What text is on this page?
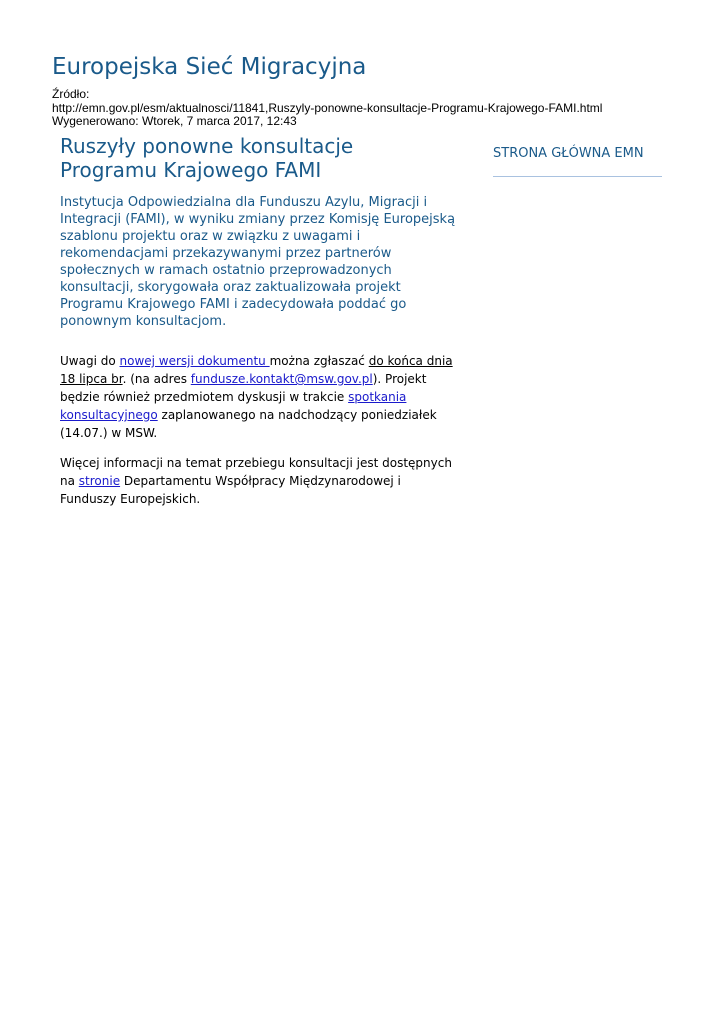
Europejska Sieć Migracyjna
Źródło:
http://emn.gov.pl/esm/aktualnosci/11841,Ruszyly-ponowne-konsultacje-Programu-Krajowego-FAMI.html
Wygenerowano: Wtorek, 7 marca 2017, 12:43
Ruszyły ponowne konsultacje Programu Krajowego FAMI

Instytucja Odpowiedzialna dla Funduszu Azylu, Migracji i Integracji (FAMI), w wyniku zmiany przez Komisję Europejską szablonu projektu oraz w związku z uwagami i rekomendacjami przekazywanymi przez partnerów społecznych w ramach ostatnio przeprowadzonych konsultacji, skorygowała oraz zaktualizowała projekt Programu Krajowego FAMI i zadecydowała poddać go ponownym konsultacjom.

Uwagi do nowej wersji dokumentu można zgłaszać do końca dnia 18 lipca br. (na adres fundusze.kontakt@msw.gov.pl). Projekt będzie również przedmiotem dyskusji w trakcie spotkania konsultacyjnego zaplanowanego na nadchodzący poniedziałek (14.07.) w MSW.

Więcej informacji na temat przebiegu konsultacji jest dostępnych na stronie Departamentu Współpracy Międzynarodowej i Funduszy Europejskich.

STRONA GŁÓWNA EMN
